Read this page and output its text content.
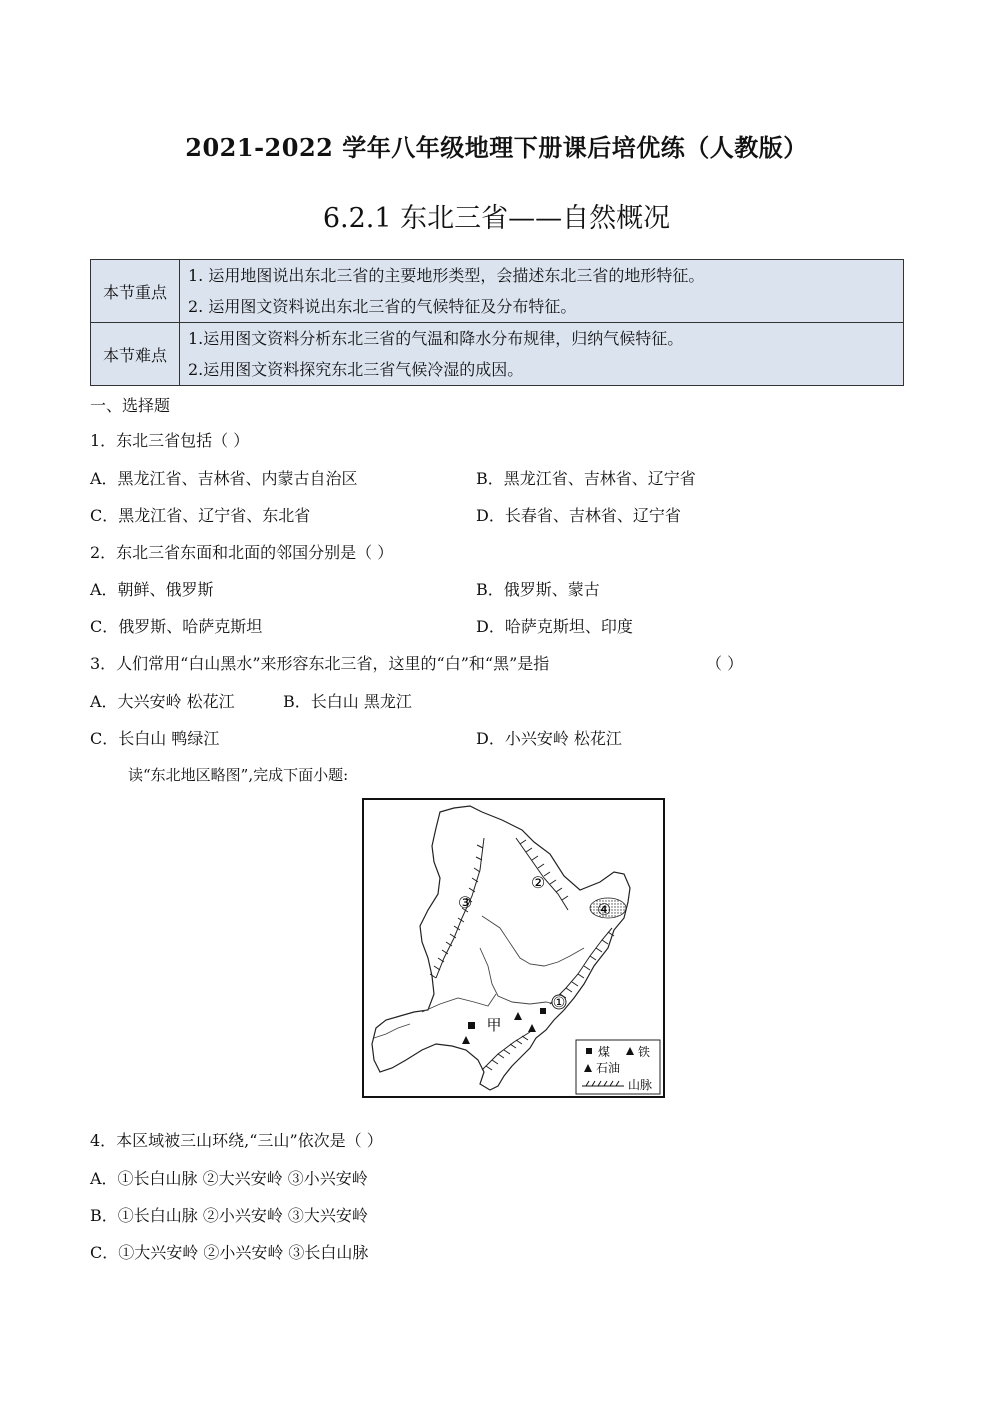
2021-2022 学年八年级地理下册课后培优练（人教版）
6.2.1 东北三省——自然概况
本节重点	1. 运用地图说出东北三省的主要地形类型，会描述东北三省的地形特征。
2. 运用图文资料说出东北三省的气候特征及分布特征。

本节难点	1.运用图文资料分析东北三省的气温和降水分布规律，归纳气候特征。
2.运用图文资料探究东北三省气候冷湿的成因。
一、选择题
1．东北三省包括（ ）
A．黑龙江省、吉林省、内蒙古自治区	B．黑龙江省、吉林省、辽宁省
C．黑龙江省、辽宁省、东北省	D．长春省、吉林省、辽宁省
2．东北三省东面和北面的邻国分别是（ ）
A．朝鲜、俄罗斯	B．俄罗斯、蒙古
C．俄罗斯、哈萨克斯坦	D．哈萨克斯坦、印度
3．人们常用“白山黑水”来形容东北三省，这里的“白”和“黑”是指	（ ）
A．大兴安岭 松花江	B．长白山 黑龙江
C．长白山 鸭绿江	D．小兴安岭 松花江
读“东北地区略图”,完成下面小题:
①
②
③	④
甲
煤 铁
石油
山脉
4．本区域被三山环绕,“三山”依次是（ ）
A．①长白山脉 ②大兴安岭 ③小兴安岭
B．①长白山脉 ②小兴安岭 ③大兴安岭
C．①大兴安岭 ②小兴安岭 ③长白山脉
